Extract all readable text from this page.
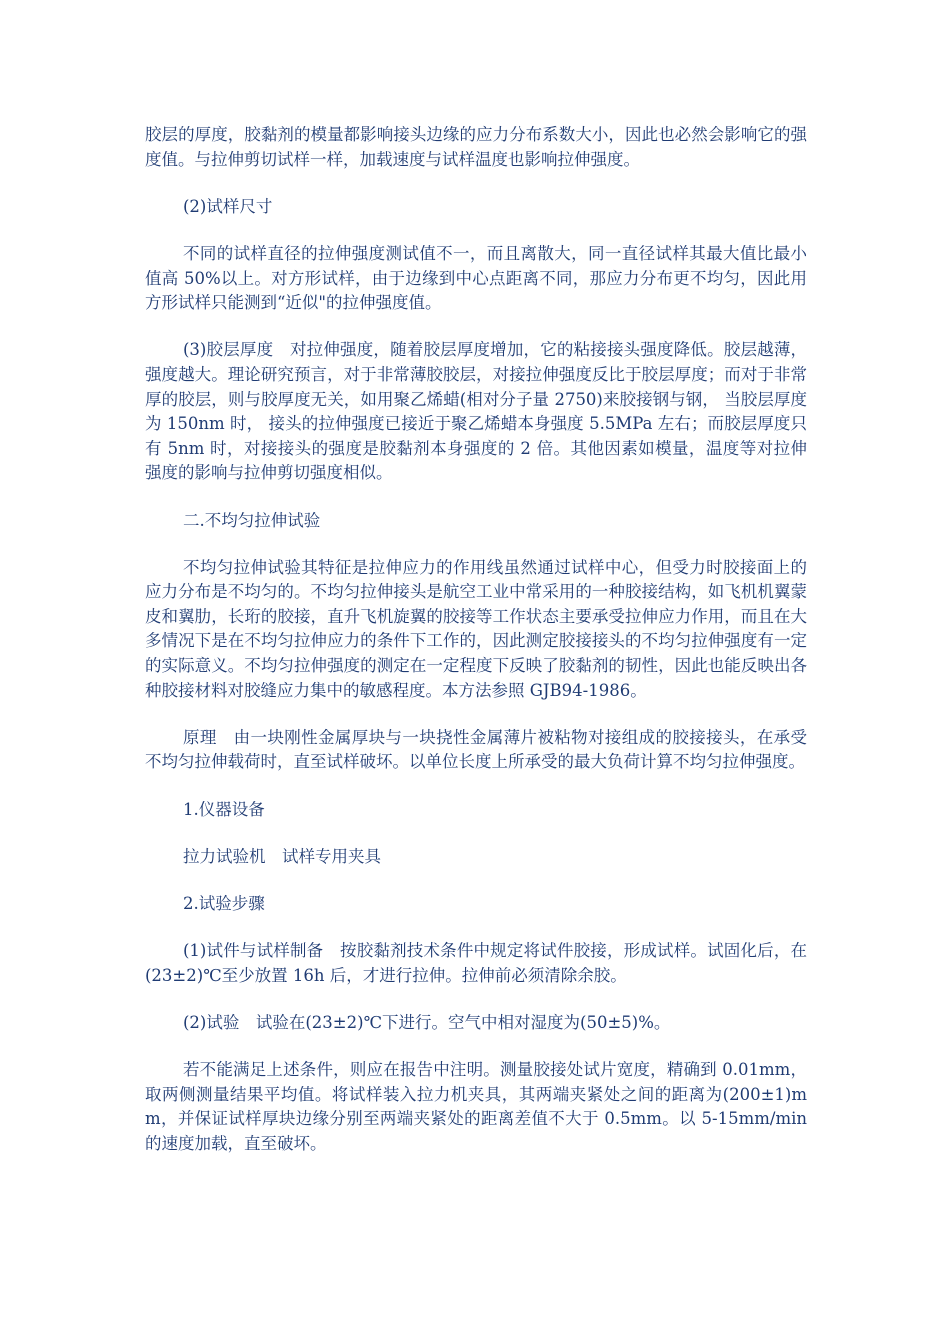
胶层的厚度，胶黏剂的模量都影响接头边缘的应力分布系数大小，因此也必然会影响它的强度值。与拉伸剪切试样一样，加载速度与试样温度也影响拉伸强度。

(2)试样尺寸

不同的试样直径的拉伸强度测试值不一，而且离散大，同一直径试样其最大值比最小值高 50%以上。对方形试样，由于边缘到中心点距离不同，那应力分布更不均匀，因此用方形试样只能测到“近似"的拉伸强度值。

(3)胶层厚度　对拉伸强度，随着胶层厚度增加，它的粘接接头强度降低。胶层越薄，强度越大。理论研究预言，对于非常薄胶胶层，对接拉伸强度反比于胶层厚度；而对于非常厚的胶层，则与胶厚度无关，如用聚乙烯蜡(相对分子量 2750)来胶接钢与钢， 当胶层厚度为 150nm 时， 接头的拉伸强度已接近于聚乙烯蜡本身强度 5.5MPa 左右；而胶层厚度只有 5nm 时，对接接头的强度是胶黏剂本身强度的 2 倍。其他因素如模量，温度等对拉伸强度的影响与拉伸剪切强度相似。

二.不均匀拉伸试验

不均匀拉伸试验其特征是拉伸应力的作用线虽然通过试样中心，但受力时胶接面上的应力分布是不均匀的。不均匀拉伸接头是航空工业中常采用的一种胶接结构，如飞机机翼蒙皮和翼肋，长珩的胶接，直升飞机旋翼的胶接等工作状态主要承受拉伸应力作用，而且在大多情况下是在不均匀拉伸应力的条件下工作的，因此测定胶接接头的不均匀拉伸强度有一定的实际意义。不均匀拉伸强度的测定在一定程度下反映了胶黏剂的韧性，因此也能反映出各种胶接材料对胶缝应力集中的敏感程度。本方法参照 GJB94-1986。

原理　由一块刚性金属厚块与一块挠性金属薄片被粘物对接组成的胶接接头，在承受不均匀拉伸载荷时，直至试样破坏。以单位长度上所承受的最大负荷计算不均匀拉伸强度。

1.仪器设备

拉力试验机　试样专用夹具

2.试验步骤

(1)试件与试样制备　按胶黏剂技术条件中规定将试件胶接，形成试样。试固化后，在(23±2)℃至少放置 16h 后，才进行拉伸。拉伸前必须清除余胶。

(2)试验　试验在(23±2)℃下进行。空气中相对湿度为(50±5)%。

若不能满足上述条件，则应在报告中注明。测量胶接处试片宽度，精确到 0.01mm，取两侧测量结果平均值。将试样装入拉力机夹具，其两端夹紧处之间的距离为(200±1)mm，并保证试样厚块边缘分别至两端夹紧处的距离差值不大于 0.5mm。以 5-15mm/min 的速度加载，直至破坏。
